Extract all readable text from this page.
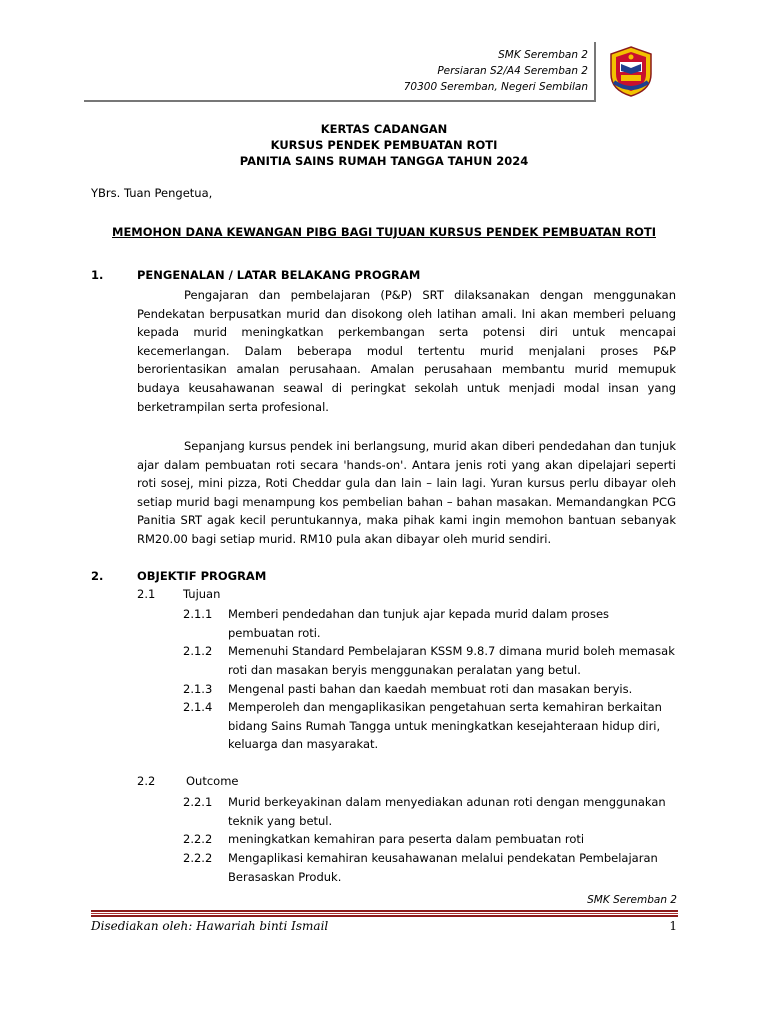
SMK Seremban 2
Persiaran S2/A4 Seremban 2
70300 Seremban, Negeri Sembilan
KERTAS CADANGAN
KURSUS PENDEK PEMBUATAN ROTI
PANITIA SAINS RUMAH TANGGA TAHUN 2024
YBrs. Tuan Pengetua,
MEMOHON DANA KEWANGAN PIBG BAGI TUJUAN KURSUS PENDEK PEMBUATAN ROTI
1.	PENGENALAN / LATAR BELAKANG PROGRAM

Pengajaran dan pembelajaran (P&P) SRT dilaksanakan dengan menggunakan Pendekatan berpusatkan murid dan disokong oleh latihan amali. Ini akan memberi peluang kepada murid meningkatkan perkembangan serta potensi diri untuk mencapai kecemerlangan. Dalam beberapa modul tertentu murid menjalani proses P&P berorientasikan amalan perusahaan. Amalan perusahaan membantu murid memupuk budaya keusahawanan seawal di peringkat sekolah untuk menjadi modal insan yang berketrampilan serta profesional.

Sepanjang kursus pendek ini berlangsung, murid akan diberi pendedahan dan tunjuk ajar dalam pembuatan roti secara 'hands-on'. Antara jenis roti yang akan dipelajari seperti roti sosej, mini pizza, Roti Cheddar gula dan lain – lain lagi. Yuran kursus perlu dibayar oleh setiap murid bagi menampung kos pembelian bahan – bahan masakan. Memandangkan PCG Panitia SRT agak kecil peruntukannya, maka pihak kami ingin memohon bantuan sebanyak RM20.00 bagi setiap murid. RM10 pula akan dibayar oleh murid sendiri.

2.	OBJEKTIF PROGRAM
2.1 Tujuan
2.1.1 Memberi pendedahan dan tunjuk ajar kepada murid dalam proses pembuatan roti.
2.1.2 Memenuhi Standard Pembelajaran KSSM 9.8.7 dimana murid boleh memasak roti dan masakan beryis menggunakan peralatan yang betul.
2.1.3 Mengenal pasti bahan dan kaedah membuat roti dan masakan beryis.
2.1.4 Memperoleh dan mengaplikasikan pengetahuan serta kemahiran berkaitan bidang Sains Rumah Tangga untuk meningkatkan kesejahteraan hidup diri, keluarga dan masyarakat.
2.2	Outcome
2.2.1 Murid berkeyakinan dalam menyediakan adunan roti dengan menggunakan teknik yang betul.
2.2.2 meningkatkan kemahiran para peserta dalam pembuatan roti
2.2.2 Mengaplikasi kemahiran keusahawanan melalui pendekatan Pembelajaran Berasaskan Produk.
SMK Seremban 2
Disediakan oleh: Hawariah binti Ismail	1
